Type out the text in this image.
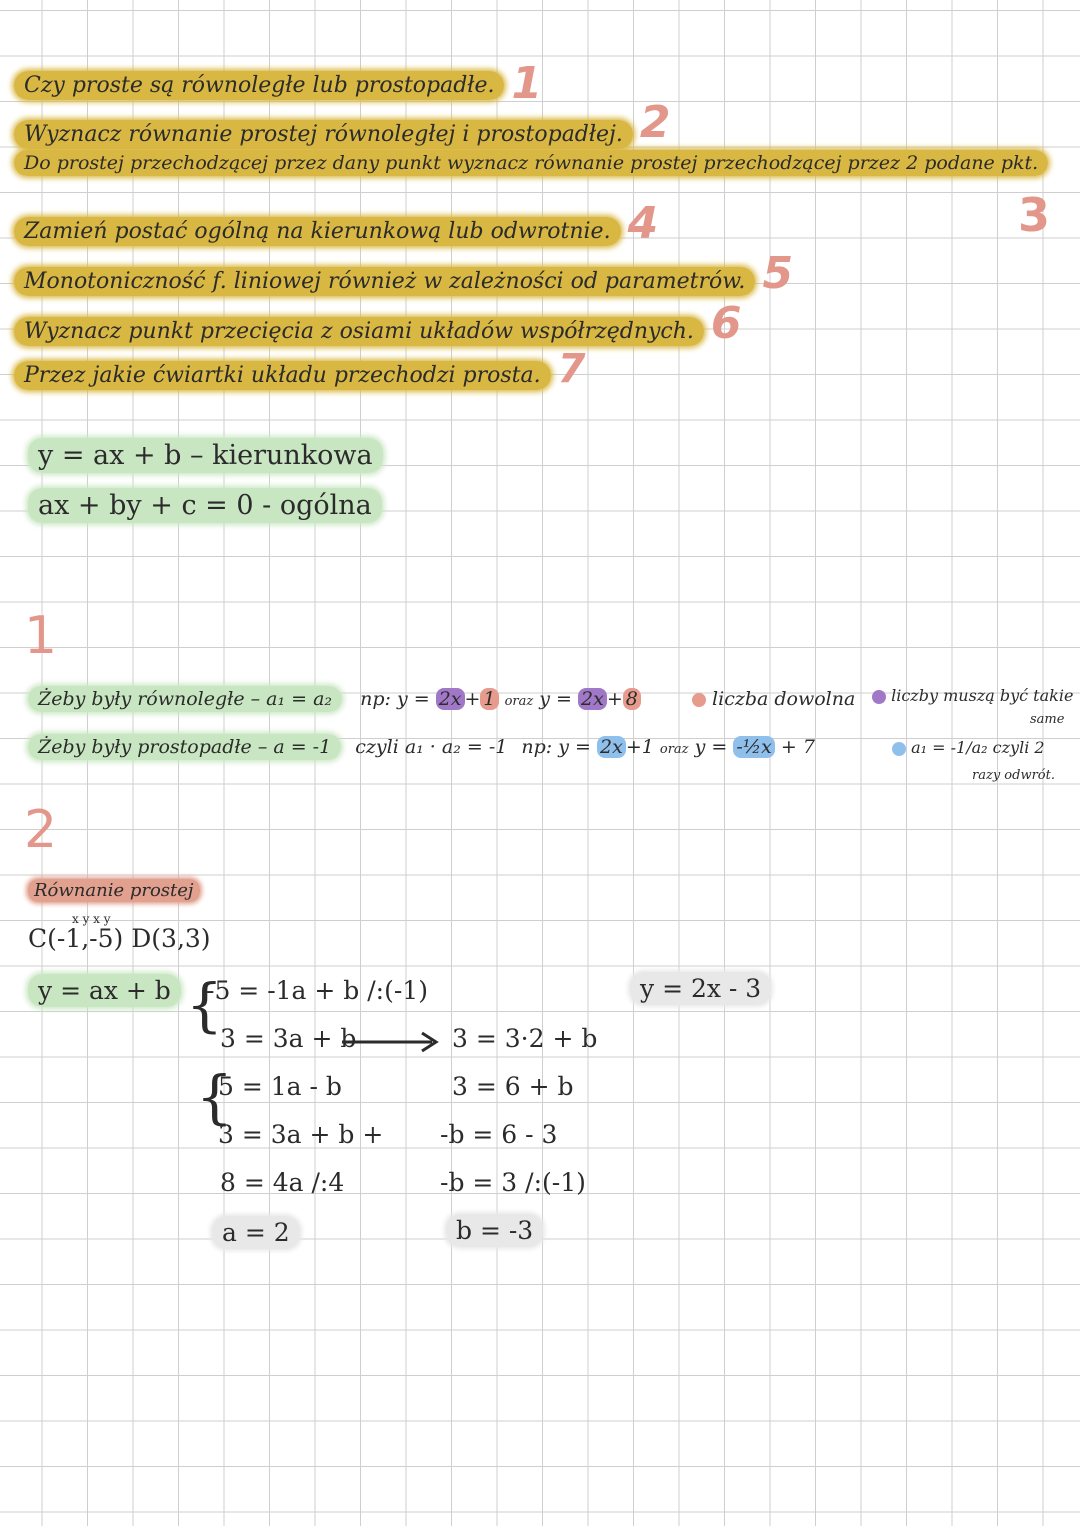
Czy proste są równoległe lub prostopadłe. 1
Wyznacz równanie prostej równoległej i prostopadłej. 2
Do prostej przechodzącej przez dany punkt wyznacz równanie prostej przechodzącej przez 2 podane pkt.
3
Zamień postać ogólną na kierunkową lub odwrotnie. 4
Monotoniczność f. liniowej również w zależności od parametrów. 5
Wyznacz punkt przecięcia z osiami układów współrzędnych. 6
Przez jakie ćwiartki układu przechodzi prosta. 7
y = ax + b – kierunkowa
ax + by + c = 0 - ogólna
1
Żeby były równoległe – a₁ = a₂ np: y = 2x + 1 oraz y = 2x + 8	liczba dowolna	liczby muszą być takie
same
Żeby były prostopadłe – a = -1 czyli a₁ · a₂ = -1 np: y = 2x +1 oraz y = -½x + 7	a₁ = -1/a₂ czyli 2
razy odwrót.
2
Równanie prostej
x y x y
C(-1,-5) D(3,3)
y = ax + b {
-5 = -1a + b /:(-1)
3 = 3a + b	3 = 3·2 + b
{
5 = 1a - b
3 = 3a + b +
8 = 4a /:4
a = 2
3 = 6 + b
-b = 6 - 3
-b = 3 /:(-1)
b = -3
y = 2x - 3
